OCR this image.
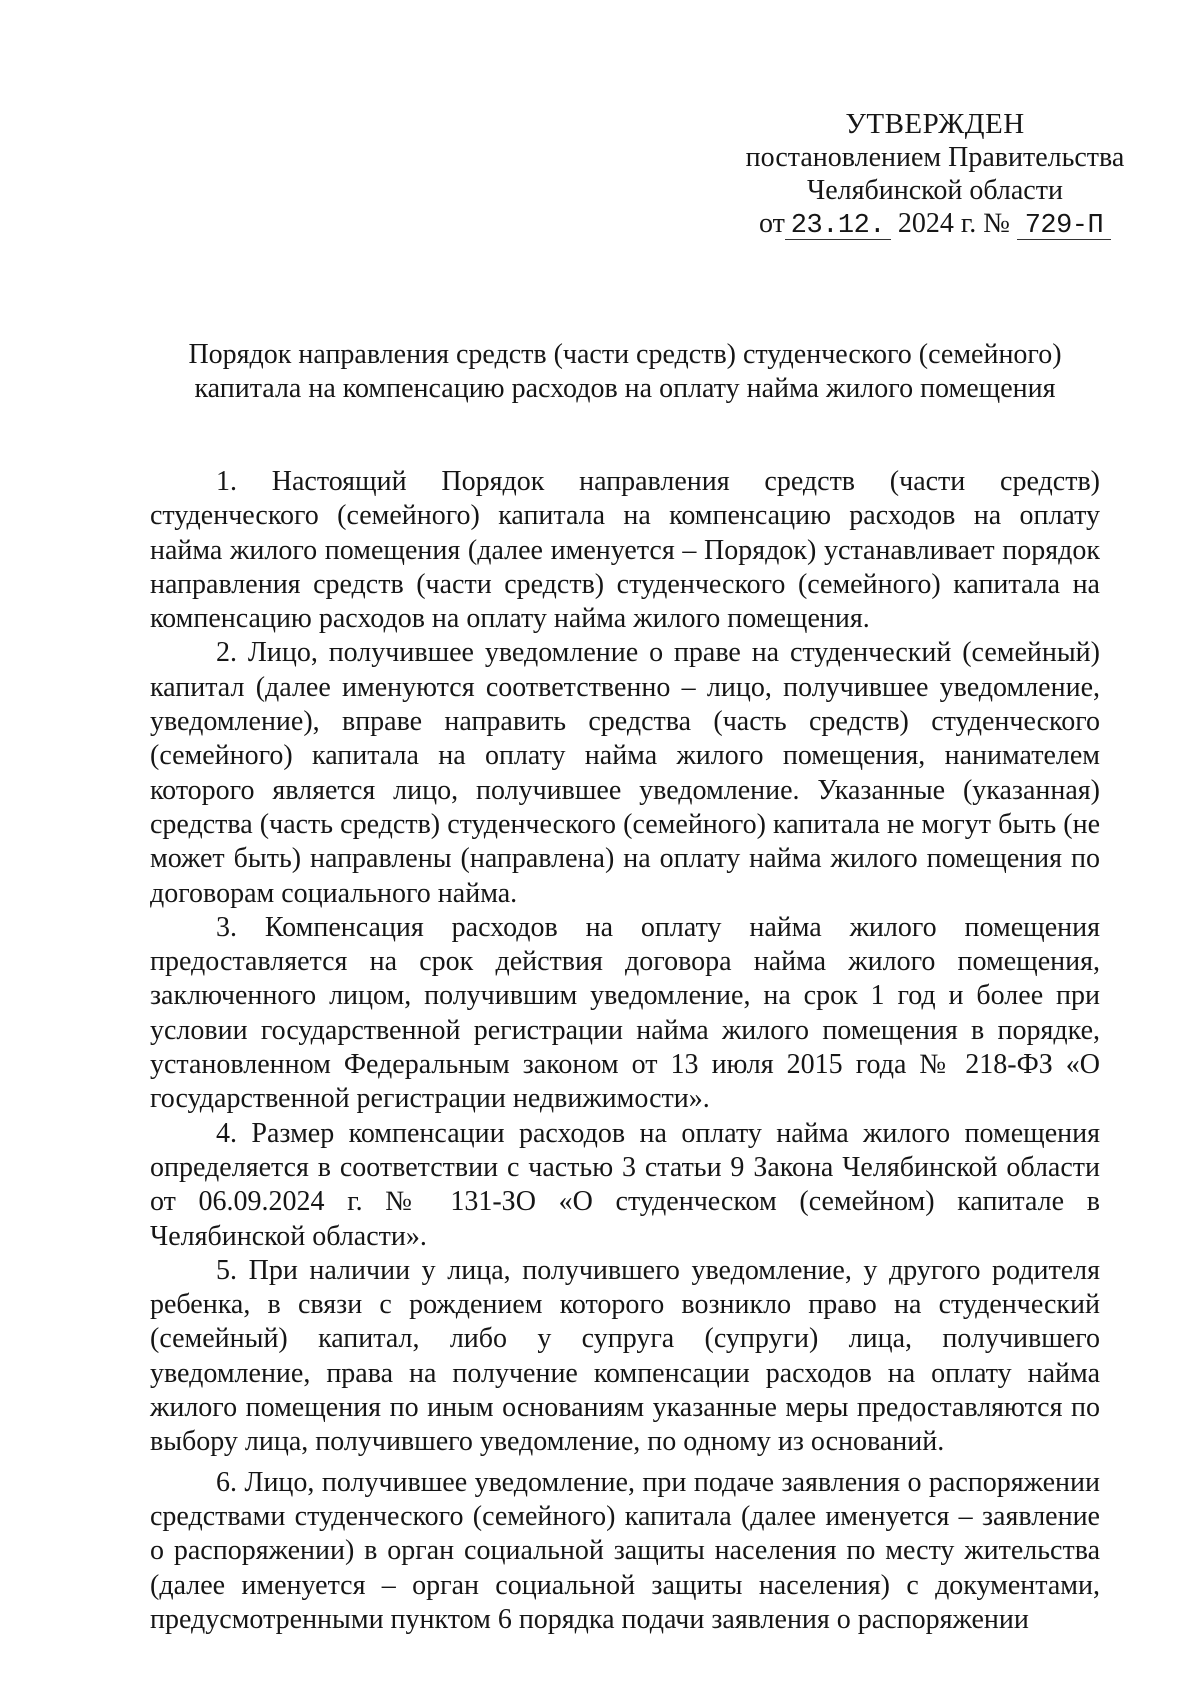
УТВЕРЖДЕН
постановлением Правительства
Челябинской области
от 23.12. 2024 г. № 729-П
Порядок направления средств (части средств) студенческого (семейного)
капитала на компенсацию расходов на оплату найма жилого помещения

1. Настоящий Порядок направления средств (части средств) студенческого (семейного) капитала на компенсацию расходов на оплату найма жилого помещения (далее именуется – Порядок) устанавливает порядок направления средств (части средств) студенческого (семейного) капитала на компенсацию расходов на оплату найма жилого помещения.

2. Лицо, получившее уведомление о праве на студенческий (семейный) капитал (далее именуются соответственно – лицо, получившее уведомление, уведомление), вправе направить средства (часть средств) студенческого (семейного) капитала на оплату найма жилого помещения, нанимателем которого является лицо, получившее уведомление. Указанные (указанная) средства (часть средств) студенческого (семейного) капитала не могут быть (не может быть) направлены (направлена) на оплату найма жилого помещения по договорам социального найма.

3. Компенсация расходов на оплату найма жилого помещения предоставляется на срок действия договора найма жилого помещения, заключенного лицом, получившим уведомление, на срок 1 год и более при условии государственной регистрации найма жилого помещения в порядке, установленном Федеральным законом от 13 июля 2015 года № 218-ФЗ «О государственной регистрации недвижимости».

4. Размер компенсации расходов на оплату найма жилого помещения определяется в соответствии с частью 3 статьи 9 Закона Челябинской области от 06.09.2024 г. № 131-ЗО «О студенческом (семейном) капитале в Челябинской области».

5. При наличии у лица, получившего уведомление, у другого родителя ребенка, в связи с рождением которого возникло право на студенческий (семейный) капитал, либо у супруга (супруги) лица, получившего уведомление, права на получение компенсации расходов на оплату найма жилого помещения по иным основаниям указанные меры предоставляются по выбору лица, получившего уведомление, по одному из оснований.

6. Лицо, получившее уведомление, при подаче заявления о распоряжении средствами студенческого (семейного) капитала (далее именуется – заявление о распоряжении) в орган социальной защиты населения по месту жительства (далее именуется – орган социальной защиты населения) с документами, предусмотренными пунктом 6 порядка подачи заявления о распоряжении
